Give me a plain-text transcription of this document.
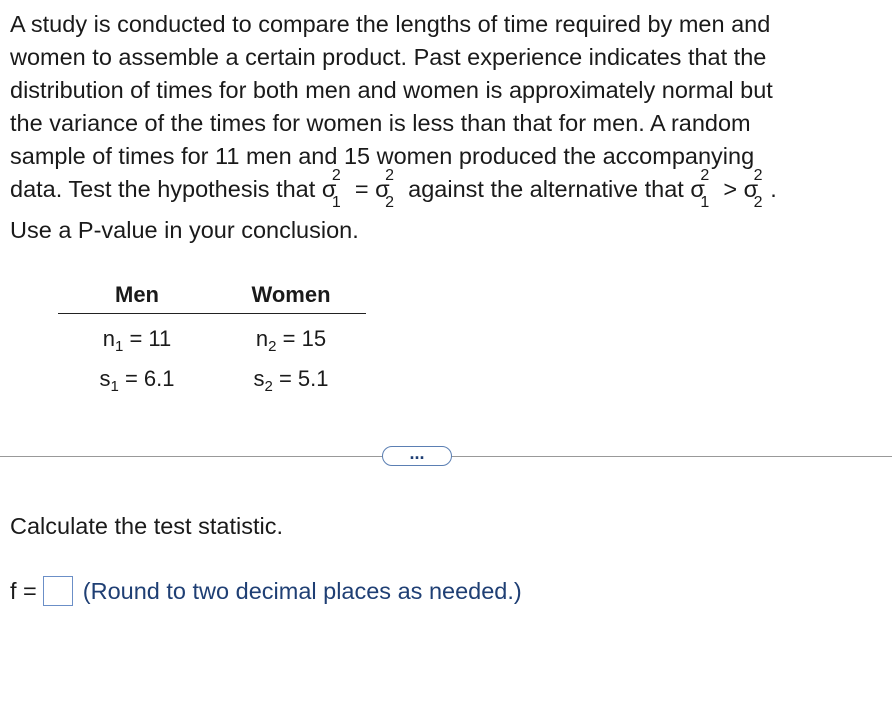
A study is conducted to compare the lengths of time required by men and

women to assemble a certain product. Past experience indicates that the

distribution of times for both men and women is approximately normal but

the variance of the times for women is less than that for men. A random

sample of times for 11 men and 15 women produced the accompanying

data. Test the hypothesis that σ
2
1
= σ
2
2
against the alternative that σ
2
1
> σ
2
2
.

Use a P-value in your conclusion.

Men	Women
$n_1 = 11$	$n_2 = 15$
$s_1 = 6.1$	$s_2 = 5.1$
...
Calculate the test statistic.
f = (Round to two decimal places as needed.)
